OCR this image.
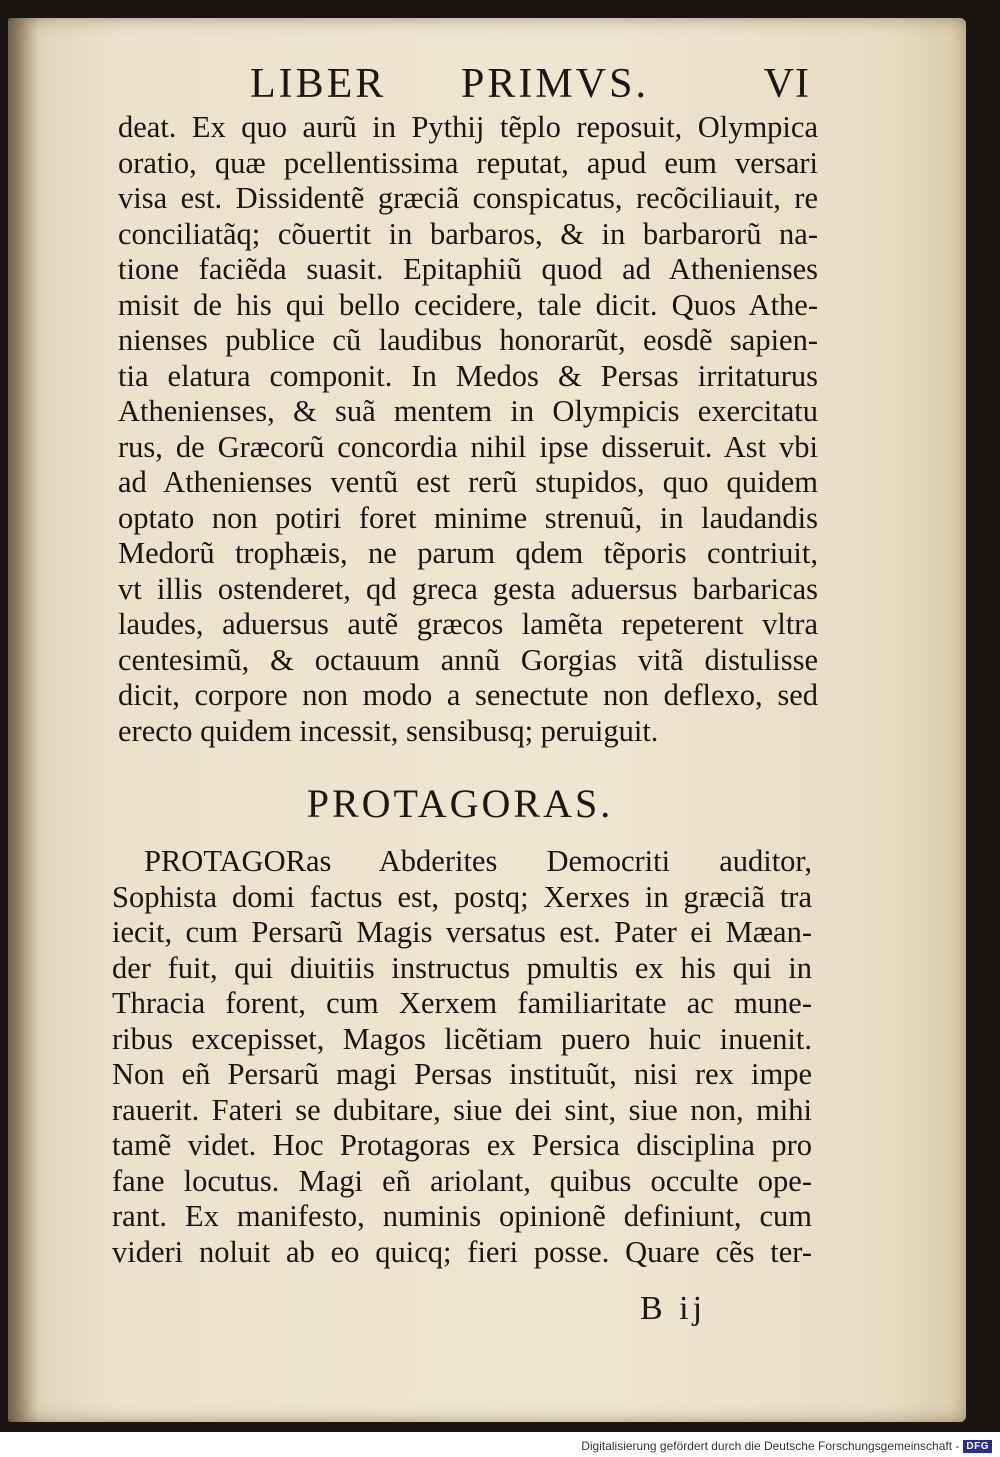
LIBER PRIMVS.	VI
deat. Ex quo aurũ in Pythij tẽplo reposuit, Olympica
oratio, quæ pcellentissima reputat, apud eum versari
visa est. Dissidentẽ græciã conspicatus, recõciliauit, re
conciliatãq; cõuertit in barbaros, & in barbarorũ na-
tione faciẽda suasit. Epitaphiũ quod ad Athenienses
misit de his qui bello cecidere, tale dicit. Quos Athe-
nienses publice cũ laudibus honorarũt, eosdẽ sapien-
tia elatura componit. In Medos & Persas irritaturus
Athenienses, & suã mentem in Olympicis exercitatu
rus, de Græcorũ concordia nihil ipse disseruit. Ast vbi
ad Athenienses ventũ est rerũ stupidos, quo quidem
optato non potiri foret minime strenuũ, in laudandis
Medorũ trophæis, ne parum qdem tẽporis contriuit,
vt illis ostenderet, qd greca gesta aduersus barbaricas
laudes, aduersus autẽ græcos lamẽta repeterent vltra
centesimũ, & octauum annũ Gorgias vitã distulisse
dicit, corpore non modo a senectute non deflexo, sed
erecto quidem incessit, sensibusq; peruiguit.
PROTAGORAS.
PROTAGORas Abderites Democriti auditor,
Sophista domi factus est, postq; Xerxes in græciã tra
iecit, cum Persarũ Magis versatus est. Pater ei Mæan-
der fuit, qui diuitiis instructus pmultis ex his qui in
Thracia forent, cum Xerxem familiaritate ac mune-
ribus excepisset, Magos licẽtiam puero huic inuenit.
Non eñ Persarũ magi Persas instituũt, nisi rex impe
rauerit. Fateri se dubitare, siue dei sint, siue non, mihi
tamẽ videt. Hoc Protagoras ex Persica disciplina pro
fane locutus. Magi eñ ariolant, quibus occulte ope-
rant. Ex manifesto, numinis opinionẽ definiunt, cum
videri noluit ab eo quicq; fieri posse. Quare cẽs ter-
B ij
Digitalisierung gefördert durch die Deutsche Forschungsgemeinschaft - DFG
